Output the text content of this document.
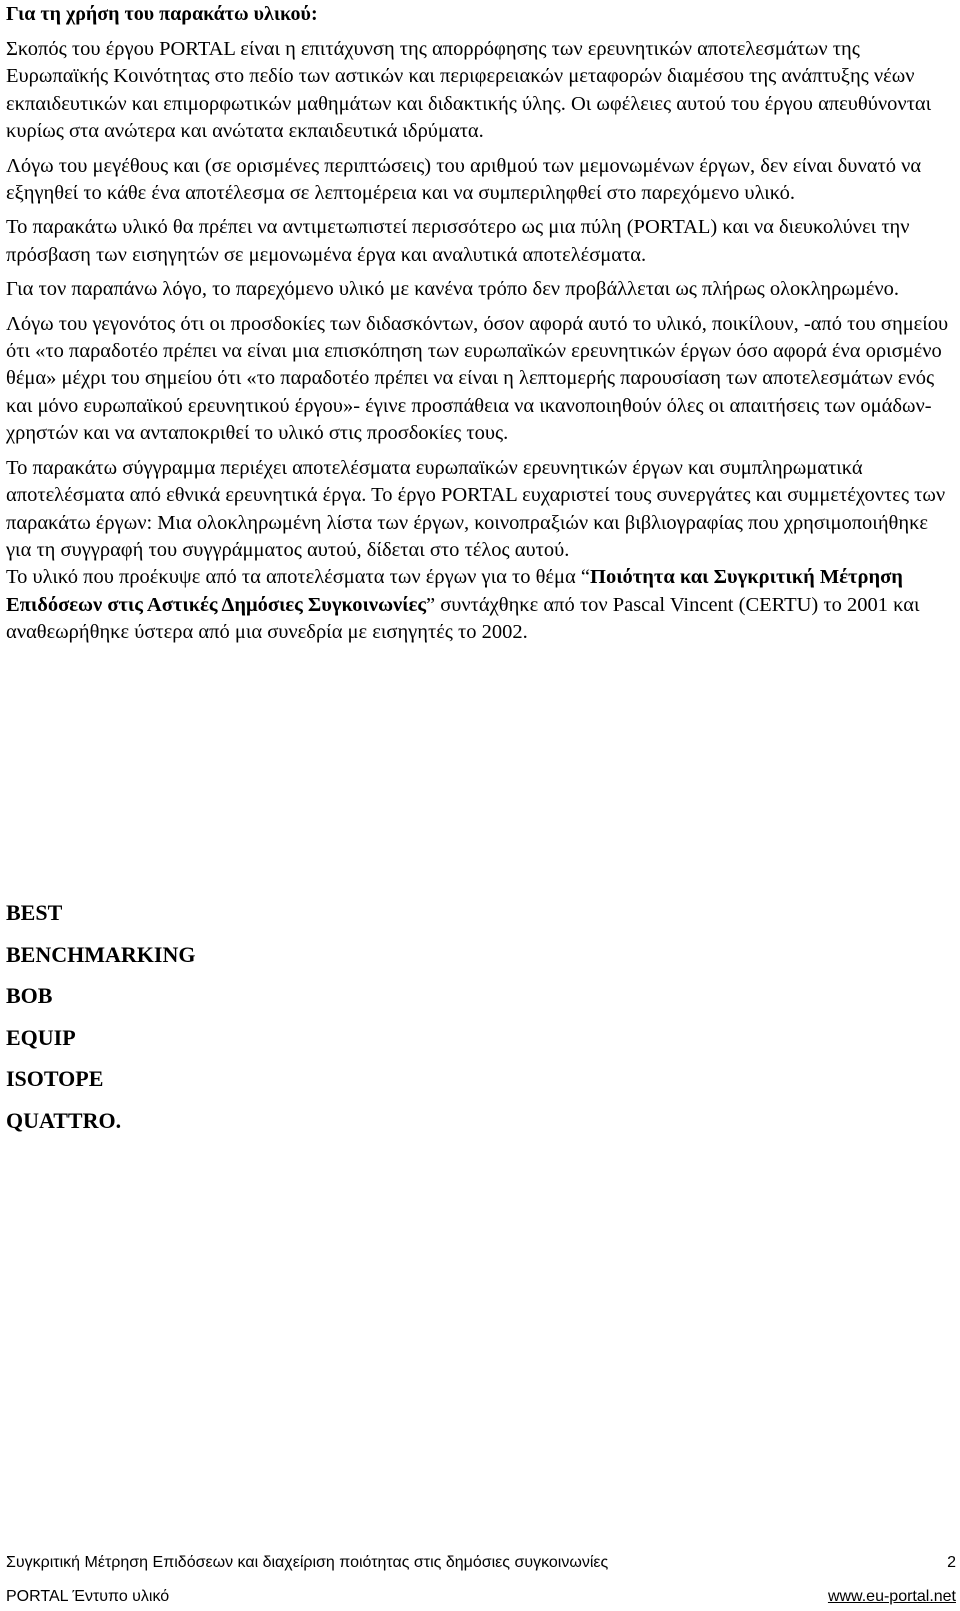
Για τη χρήση του παρακάτω υλικού:

Σκοπός του έργου PORTAL είναι η επιτάχυνση της απορρόφησης των ερευνητικών αποτελεσμάτων της Ευρωπαϊκής Κοινότητας στο πεδίο των αστικών και περιφερειακών μεταφορών διαμέσου της ανάπτυξης νέων εκπαιδευτικών και επιμορφωτικών μαθημάτων και διδακτικής ύλης. Οι ωφέλειες αυτού του έργου απευθύνονται κυρίως στα ανώτερα και ανώτατα εκπαιδευτικά ιδρύματα.

Λόγω του μεγέθους και (σε ορισμένες περιπτώσεις) του αριθμού των μεμονωμένων έργων, δεν είναι δυνατό να εξηγηθεί το κάθε ένα αποτέλεσμα σε λεπτομέρεια και να συμπεριληφθεί στο παρεχόμενο υλικό.

Το παρακάτω υλικό θα πρέπει να αντιμετωπιστεί περισσότερο ως μια πύλη (PORTAL) και να διευκολύνει την πρόσβαση των εισηγητών σε μεμονωμένα έργα και αναλυτικά αποτελέσματα.

Για τον παραπάνω λόγο, το παρεχόμενο υλικό με κανένα τρόπο δεν προβάλλεται ως πλήρως ολοκληρωμένο.

Λόγω του γεγονότος ότι οι προσδοκίες των διδασκόντων, όσον αφορά αυτό το υλικό, ποικίλουν, -από του σημείου ότι «το παραδοτέο πρέπει να είναι μια επισκόπηση των ευρωπαϊκών ερευνητικών έργων όσο αφορά ένα ορισμένο θέμα» μέχρι του σημείου ότι «το παραδοτέο πρέπει να είναι η λεπτομερής παρουσίαση των αποτελεσμάτων ενός και μόνο ευρωπαϊκού ερευνητικού έργου»- έγινε προσπάθεια να ικανοποιηθούν όλες οι απαιτήσεις των ομάδων-χρηστών και να ανταποκριθεί το υλικό στις προσδοκίες τους.

Το παρακάτω σύγγραμμα περιέχει αποτελέσματα ευρωπαϊκών ερευνητικών έργων και συμπληρωματικά αποτελέσματα από εθνικά ερευνητικά έργα. Το έργο PORTAL ευχαριστεί τους συνεργάτες και συμμετέχοντες των παρακάτω έργων: Μια ολοκληρωμένη λίστα των έργων, κοινοπραξιών και βιβλιογραφίας που χρησιμοποιήθηκε για τη συγγραφή του συγγράμματος αυτού, δίδεται στο τέλος αυτού.

Το υλικό που προέκυψε από τα αποτελέσματα των έργων για το θέμα “Ποιότητα και Συγκριτική Μέτρηση Επιδόσεων στις Αστικές Δημόσιες Συγκοινωνίες” συντάχθηκε από τον Pascal Vincent (CERTU) το 2001 και αναθεωρήθηκε ύστερα από μια συνεδρία με εισηγητές το 2002.

BEST
BENCHMARKING
BOB
EQUIP
ISOTOPE
QUATTRO.
Συγκριτική Μέτρηση Επιδόσεων και διαχείριση ποιότητας στις δημόσιες συγκοινωνίες	2
PORTAL Έντυπο υλικό	www.eu-portal.net
